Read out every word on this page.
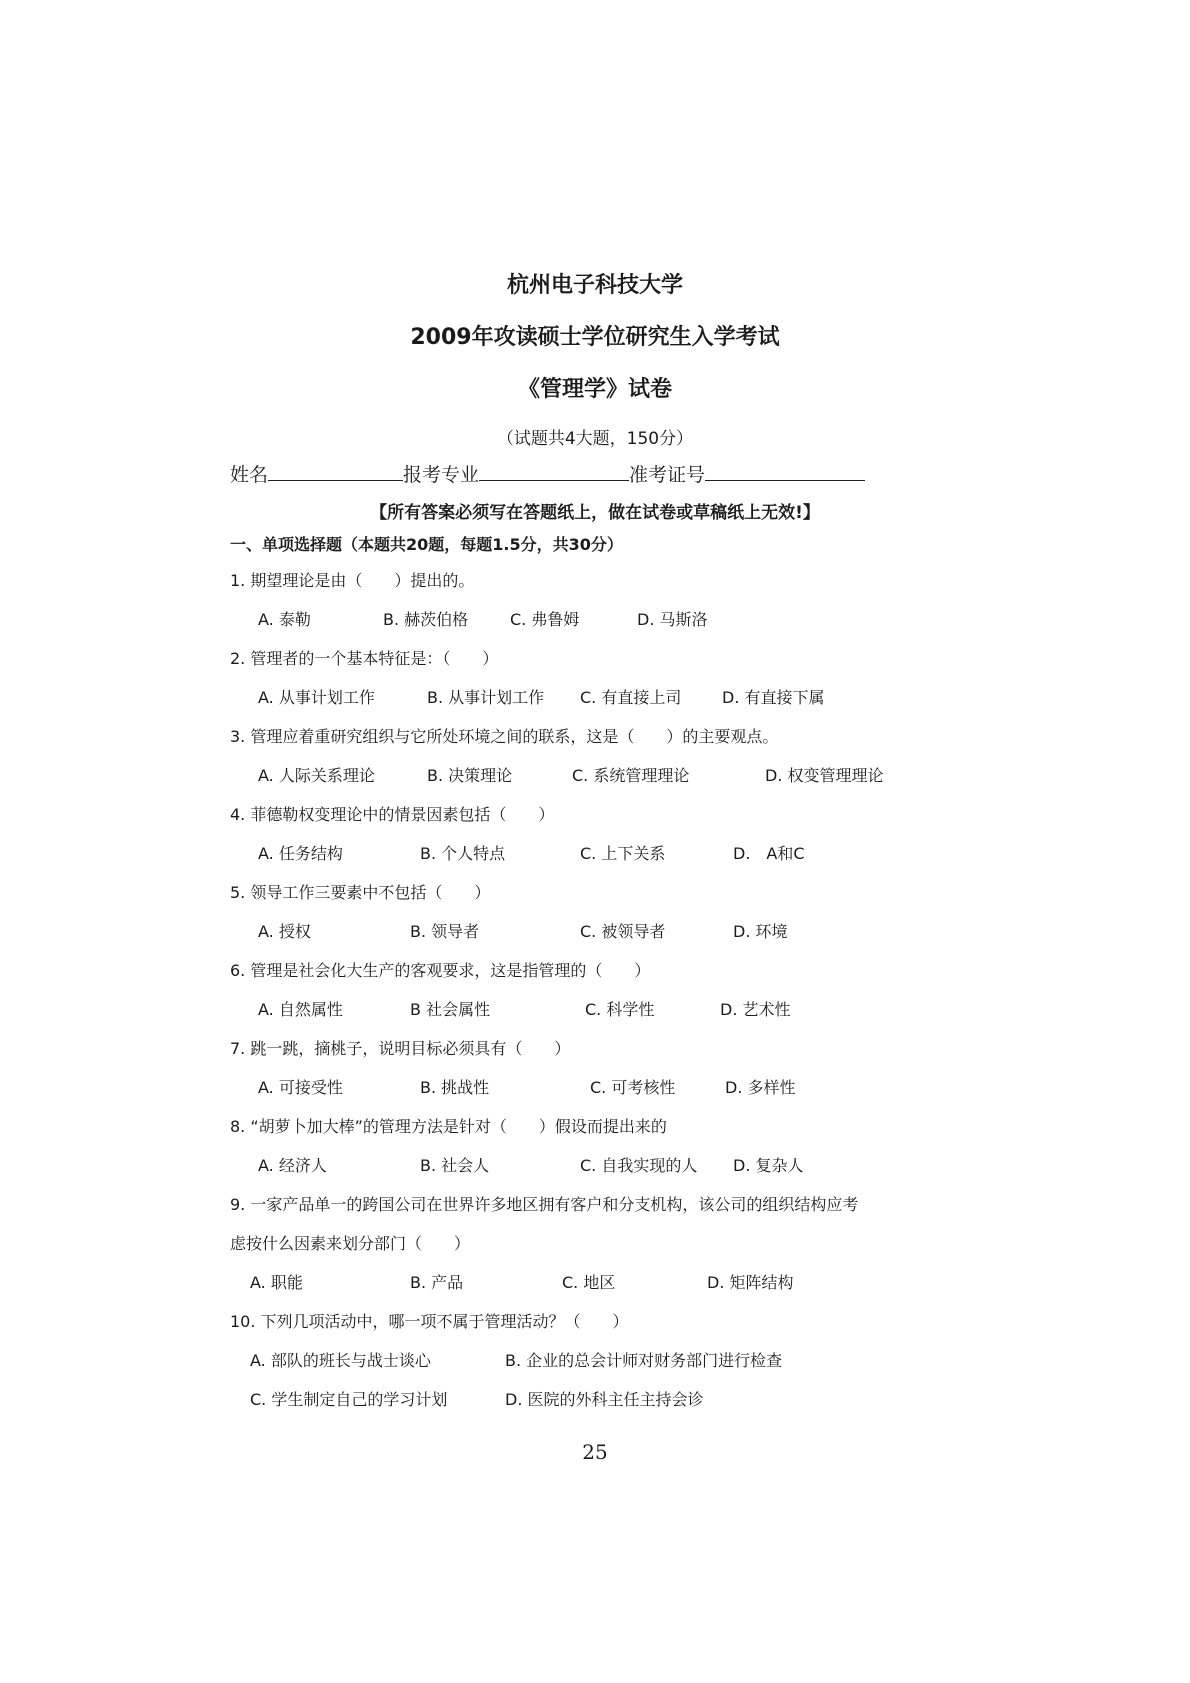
杭州电子科技大学
2009年攻读硕士学位研究生入学考试
《管理学》试卷
（试题共4大题，150分）
姓名	报考专业	准考证号
【所有答案必须写在答题纸上，做在试卷或草稿纸上无效!】
一、单项选择题（本题共20题，每题1.5分，共30分）
1. 期望理论是由（　　）提出的。
A. 泰勒	B. 赫茨伯格	C. 弗鲁姆	D. 马斯洛
2. 管理者的一个基本特征是：（　　）
A. 从事计划工作	B. 从事计划工作 C. 有直接上司	D. 有直接下属
3. 管理应着重研究组织与它所处环境之间的联系，这是（　　）的主要观点。
A. 人际关系理论	B. 决策理论	C. 系统管理理论	D. 权变管理理论
4. 菲德勒权变理论中的情景因素包括（　　）
A. 任务结构	B. 个人特点	C. 上下关系	D.　A和C
5. 领导工作三要素中不包括（　　）
A. 授权	B. 领导者	C. 被领导者	D. 环境
6. 管理是社会化大生产的客观要求，这是指管理的（　　）
A. 自然属性	B 社会属性	C. 科学性	D. 艺术性
7. 跳一跳，摘桃子，说明目标必须具有（　　）
A. 可接受性	B. 挑战性	C. 可考核性	D. 多样性
8. “胡萝卜加大棒”的管理方法是针对（　　）假设而提出来的
A. 经济人	B. 社会人	C. 自我实现的人 D. 复杂人
9. 一家产品单一的跨国公司在世界许多地区拥有客户和分支机构，该公司的组织结构应考
虑按什么因素来划分部门（　　）
A. 职能	B. 产品	C. 地区	D. 矩阵结构
10. 下列几项活动中，哪一项不属于管理活动？（　　）
A. 部队的班长与战士谈心	B. 企业的总会计师对财务部门进行检查
C. 学生制定自己的学习计划	D. 医院的外科主任主持会诊
25
